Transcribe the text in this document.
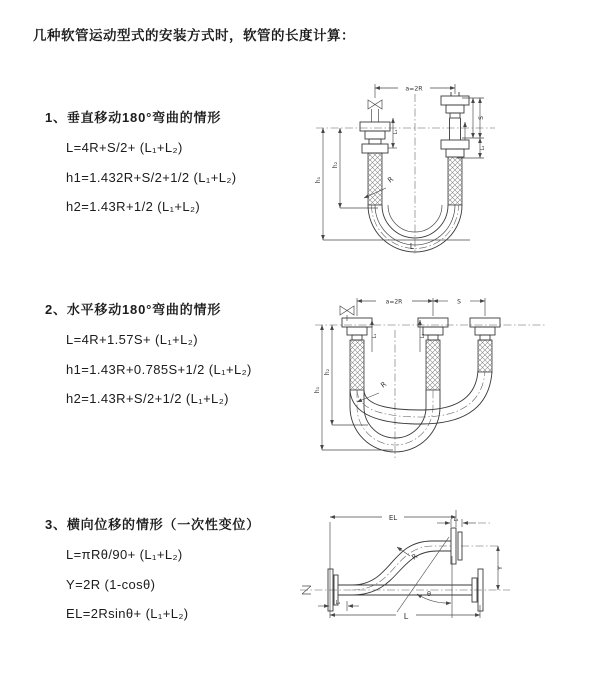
几种软管运动型式的安装方式时，软管的长度计算：

1、垂直移动180°弯曲的情形

L=4R+S/2+ (L₁+L₂)

h1=1.432R+S/2+1/2 (L₁+L₂)

h2=1.43R+1/2 (L₁+L₂)

2、水平移动180°弯曲的情形

L=4R+1.57S+ (L₁+L₂)

h1=1.43R+0.785S+1/2 (L₁+L₂)

h2=1.43R+S/2+1/2 (L₁+L₂)

3、横向位移的情形（一次性变位）

L=πRθ/90+ (L₁+L₂)

Y=2R (1-cosθ)

EL=2Rsinθ+ (L₁+L₂)

a=2R
S
L₂
h₁
h₂
L₁
R
L
a=2R	S
h₁
h₂
L₁	L₂
R
EL	L₂
Y
θ
R
L
L₁
